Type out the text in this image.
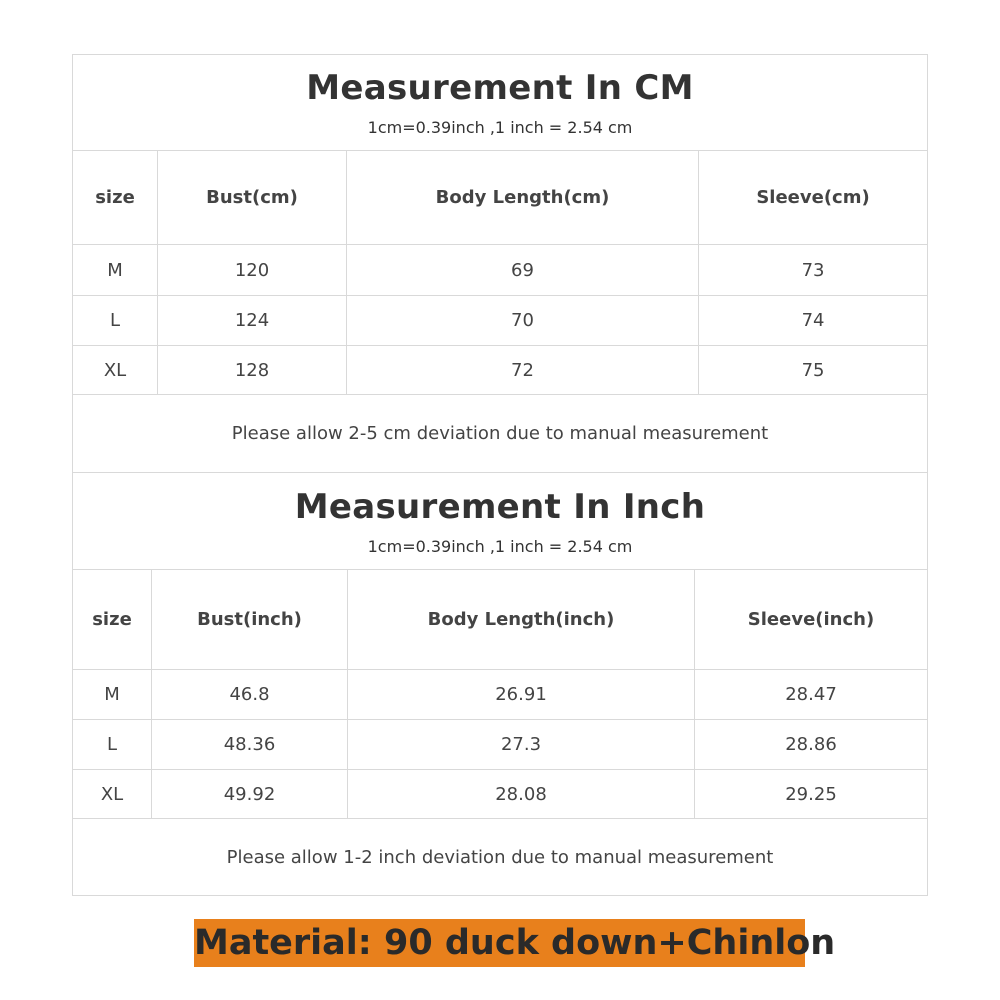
Measurement In CM
1cm=0.39inch ,1 inch = 2.54 cm			

size	Bust(cm)	Body Length(cm)	Sleeve(cm)
M	120	69	73
L	124	70	74
XL	128	72	75
Please allow 2-5 cm deviation due to manual measurement			
Measurement In Inch
1cm=0.39inch ,1 inch = 2.54 cm			

size	Bust(inch)	Body Length(inch)	Sleeve(inch)
M	46.8	26.91	28.47
L	48.36	27.3	28.86
XL	49.92	28.08	29.25
Please allow 1-2 inch deviation due to manual measurement			
Material: 90 duck down+Chinlon
